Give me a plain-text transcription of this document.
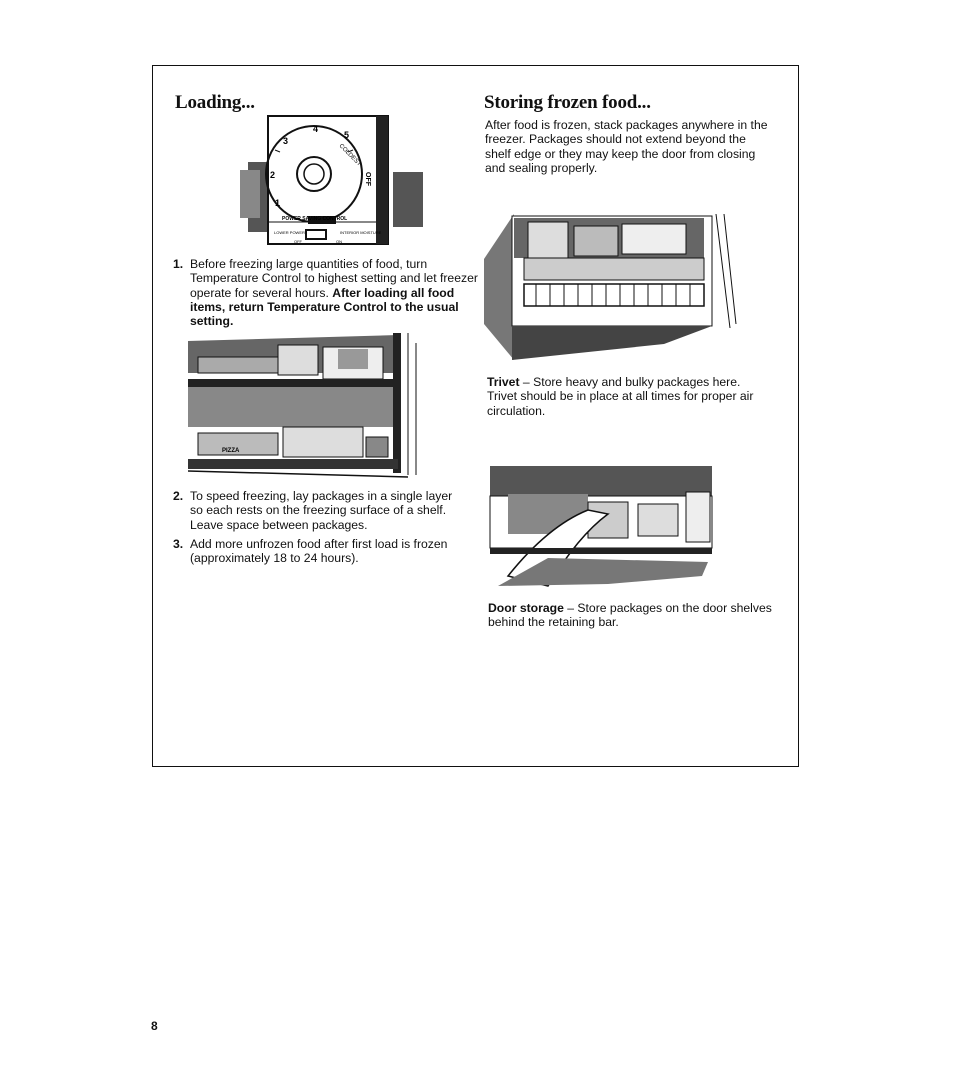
Loading...
1
2
3
4
5
COLDEST
OFF
POWER SAVING CONTROL
LOWER POWER	INTERIOR MOISTURE
OFF	ON
1. Before freezing large quantities of food, turn Temperature Control to highest setting and let freezer operate for several hours. After loading all food items, return Temperature Control to the usual setting.
PIZZA
2. To speed freezing, lay packages in a single layer so each rests on the freezing surface of a shelf. Leave space between packages.
3. Add more unfrozen food after first load is frozen (approximately 18 to 24 hours).
Storing frozen food...

After food is frozen, stack packages anywhere in the freezer. Packages should not extend beyond the shelf edge or they may keep the door from closing and sealing properly.

Trivet – Store heavy and bulky packages here. Trivet should be in place at all times for proper air circulation.

Door storage – Store packages on the door shelves behind the retaining bar.

8
